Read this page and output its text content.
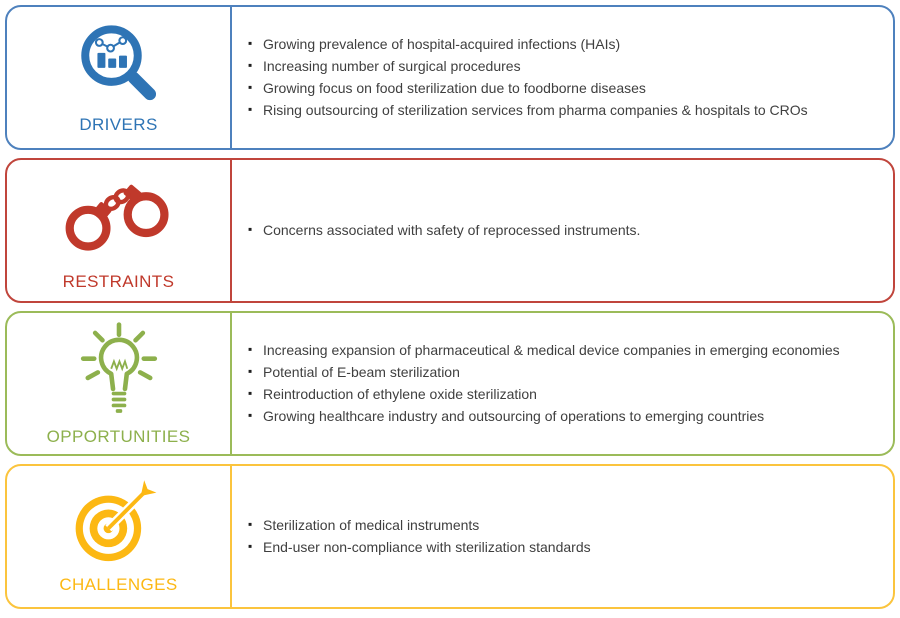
DRIVERS
▪ Growing prevalence of hospital-acquired infections (HAIs)
▪ Increasing number of surgical procedures
▪ Growing focus on food sterilization due to foodborne diseases
▪ Rising outsourcing of sterilization services from pharma companies & hospitals to CROs
RESTRAINTS
▪ Concerns associated with safety of reprocessed instruments.
OPPORTUNITIES
▪ Increasing expansion of pharmaceutical & medical device companies in emerging economies
▪ Potential of E-beam sterilization
▪ Reintroduction of ethylene oxide sterilization
▪ Growing healthcare industry and outsourcing of operations to emerging countries
CHALLENGES
▪ Sterilization of medical instruments
▪ End-user non-compliance with sterilization standards
